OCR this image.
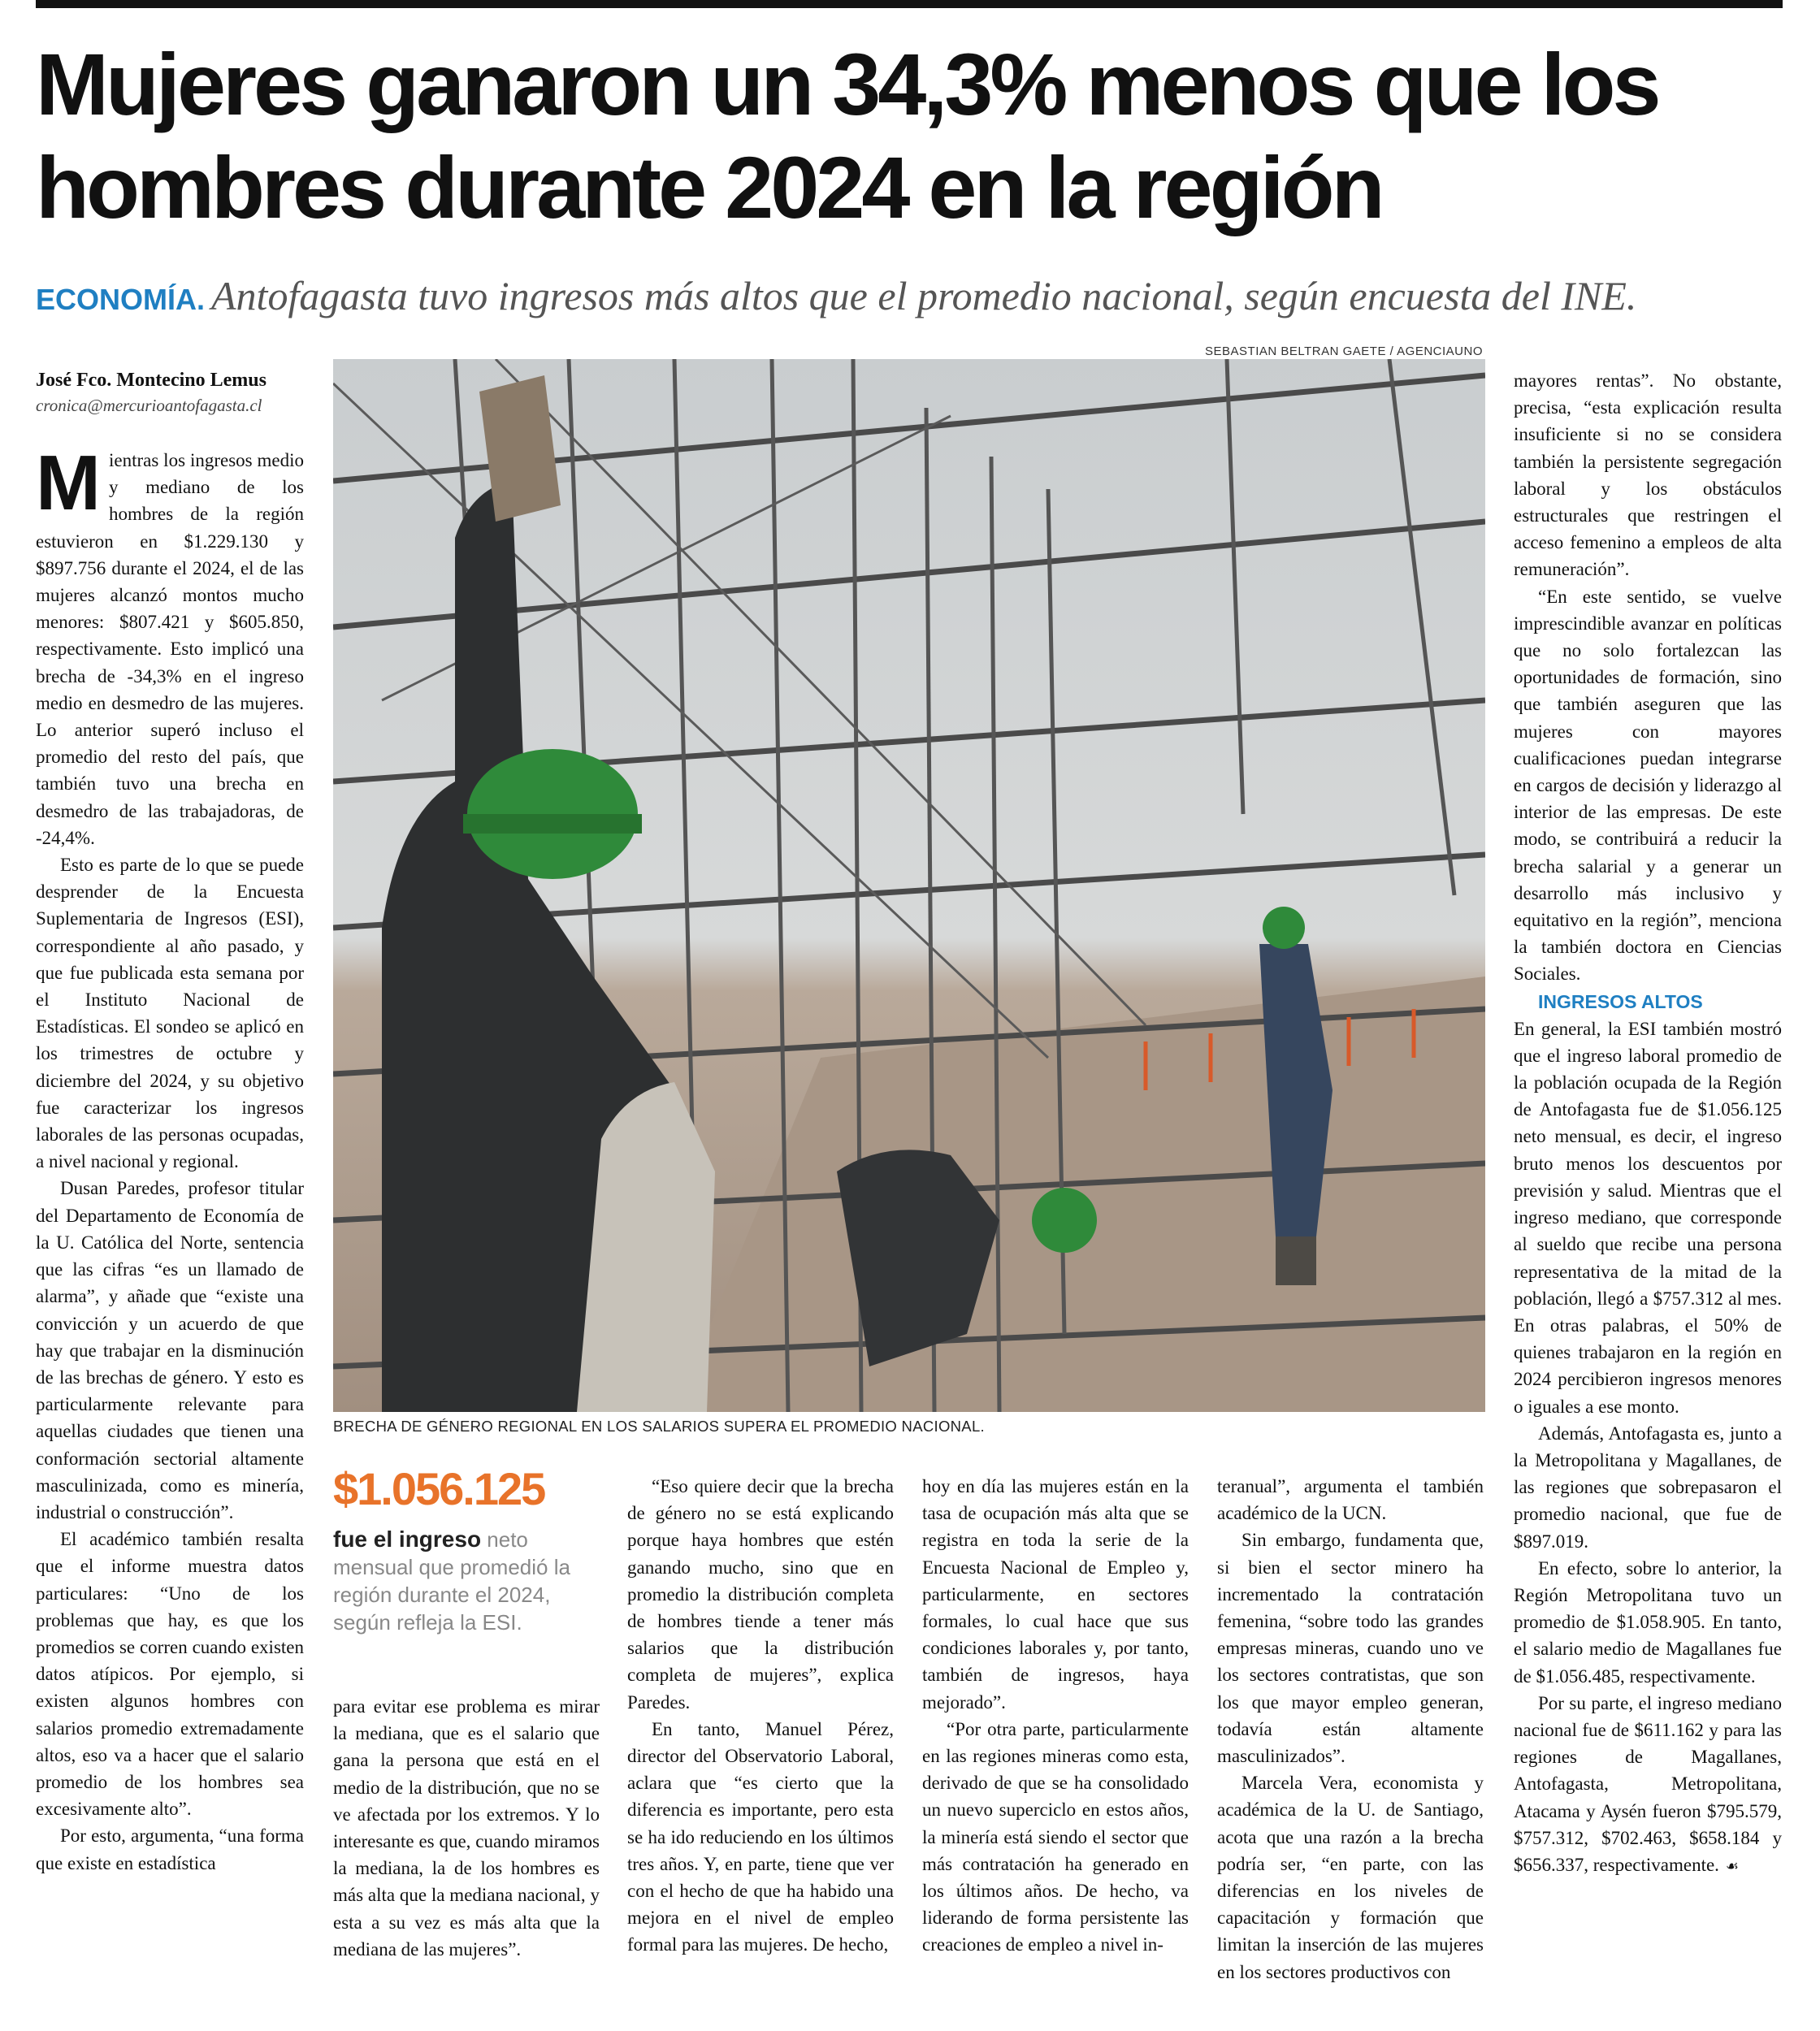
Mujeres ganaron un 34,3% menos que los hombres durante 2024 en la región
ECONOMÍA. Antofagasta tuvo ingresos más altos que el promedio nacional, según encuesta del INE.
SEBASTIAN BELTRAN GAETE / AGENCIAUNO
José Fco. Montecino Lemus
cronica@mercurioantofagasta.cl

Mientras los ingresos medio y mediano de los hombres de la región estuvieron en $1.229.130 y $897.756 durante el 2024, el de las mujeres alcanzó montos mucho menores: $807.421 y $605.850, respectivamente. Esto implicó una brecha de -34,3% en el ingreso medio en desmedro de las mujeres. Lo anterior superó incluso el promedio del resto del país, que también tuvo una brecha en desmedro de las trabajadoras, de -24,4%.

Esto es parte de lo que se puede desprender de la Encuesta Suplementaria de Ingresos (ESI), correspondiente al año pasado, y que fue publicada esta semana por el Instituto Nacional de Estadísticas. El sondeo se aplicó en los trimestres de octubre y diciembre del 2024, y su objetivo fue caracterizar los ingresos laborales de las personas ocupadas, a nivel nacional y regional.

Dusan Paredes, profesor titular del Departamento de Economía de la U. Católica del Norte, sentencia que las cifras “es un llamado de alarma”, y añade que “existe una convicción y un acuerdo de que hay que trabajar en la disminución de las brechas de género. Y esto es particularmente relevante para aquellas ciudades que tienen una conformación sectorial altamente masculinizada, como es minería, industrial o construcción”.

El académico también resalta que el informe muestra datos particulares: “Uno de los problemas que hay, es que los promedios se corren cuando existen datos atípicos. Por ejemplo, si existen algunos hombres con salarios promedio extremadamente altos, eso va a hacer que el salario promedio de los hombres sea excesivamente alto”.

Por esto, argumenta, “una forma que existe en estadística

BRECHA DE GÉNERO REGIONAL EN LOS SALARIOS SUPERA EL PROMEDIO NACIONAL.
$1.056.125
fue el ingreso neto mensual que promedió la región durante el 2024, según refleja la ESI.

para evitar ese problema es mirar la mediana, que es el salario que gana la persona que está en el medio de la distribución, que no se ve afectada por los extremos. Y lo interesante es que, cuando miramos la mediana, la de los hombres es más alta que la mediana nacional, y esta a su vez es más alta que la mediana de las mujeres”.

“Eso quiere decir que la brecha de género no se está explicando porque haya hombres que estén ganando mucho, sino que en promedio la distribución completa de hombres tiende a tener más salarios que la distribución completa de mujeres”, explica Paredes.

En tanto, Manuel Pérez, director del Observatorio Laboral, aclara que “es cierto que la diferencia es importante, pero esta se ha ido reduciendo en los últimos tres años. Y, en parte, tiene que ver con el hecho de que ha habido una mejora en el nivel de empleo formal para las mujeres. De hecho,

hoy en día las mujeres están en la tasa de ocupación más alta que se registra en toda la serie de la Encuesta Nacional de Empleo y, particularmente, en sectores formales, lo cual hace que sus condiciones laborales y, por tanto, también de ingresos, haya mejorado”.

“Por otra parte, particularmente en las regiones mineras como esta, derivado de que se ha consolidado un nuevo superciclo en estos años, la minería está siendo el sector que más contratación ha generado en los últimos años. De hecho, va liderando de forma persistente las creaciones de empleo a nivel in-

teranual”, argumenta el también académico de la UCN.

Sin embargo, fundamenta que, si bien el sector minero ha incrementado la contratación femenina, “sobre todo las grandes empresas mineras, cuando uno ve los sectores contratistas, que son los que mayor empleo generan, todavía están altamente masculinizados”.

Marcela Vera, economista y académica de la U. de Santiago, acota que una razón a la brecha podría ser, “en parte, con las diferencias en los niveles de capacitación y formación que limitan la inserción de las mujeres en los sectores productivos con

mayores rentas”. No obstante, precisa, “esta explicación resulta insuficiente si no se considera también la persistente segregación laboral y los obstáculos estructurales que restringen el acceso femenino a empleos de alta remuneración”.

“En este sentido, se vuelve imprescindible avanzar en políticas que no solo fortalezcan las oportunidades de formación, sino que también aseguren que las mujeres con mayores cualificaciones puedan integrarse en cargos de decisión y liderazgo al interior de las empresas. De este modo, se contribuirá a reducir la brecha salarial y a generar un desarrollo más inclusivo y equitativo en la región”, menciona la también doctora en Ciencias Sociales.

INGRESOS ALTOS

En general, la ESI también mostró que el ingreso laboral promedio de la población ocupada de la Región de Antofagasta fue de $1.056.125 neto mensual, es decir, el ingreso bruto menos los descuentos por previsión y salud. Mientras que el ingreso mediano, que corresponde al sueldo que recibe una persona representativa de la mitad de la población, llegó a $757.312 al mes. En otras palabras, el 50% de quienes trabajaron en la región en 2024 percibieron ingresos menores o iguales a ese monto.

Además, Antofagasta es, junto a la Metropolitana y Magallanes, de las regiones que sobrepasaron el promedio nacional, que fue de $897.019.

En efecto, sobre lo anterior, la Región Metropolitana tuvo un promedio de $1.058.905. En tanto, el salario medio de Magallanes fue de $1.056.485, respectivamente.

Por su parte, el ingreso mediano nacional fue de $611.162 y para las regiones de Magallanes, Antofagasta, Metropolitana, Atacama y Aysén fueron $795.579, $757.312, $702.463, $658.184 y $656.337, respectivamente. ☙
